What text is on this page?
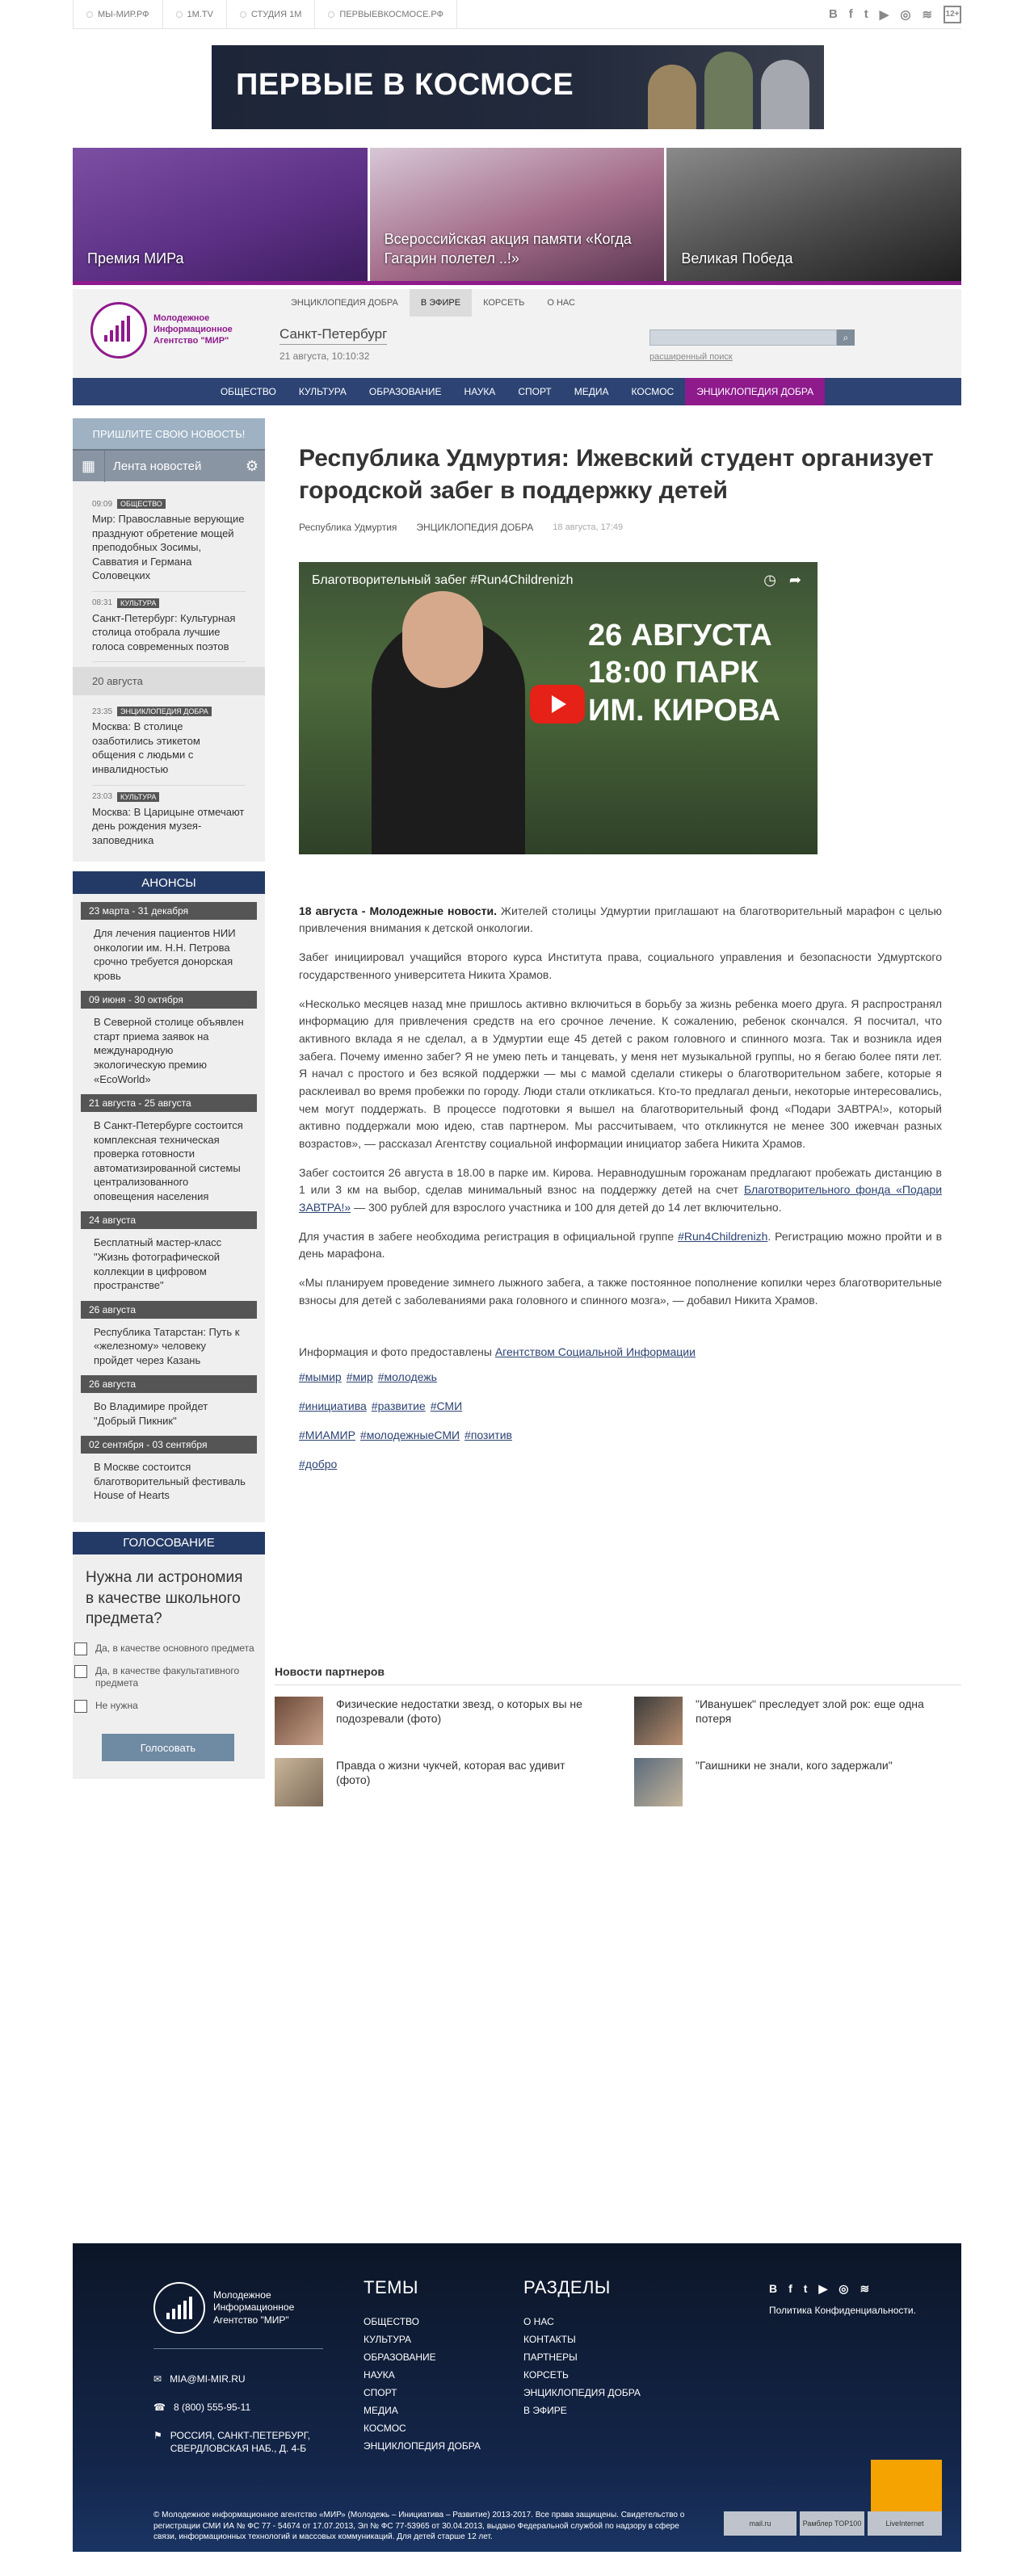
МЫ-МИР.РФ	1M.TV	СТУДИЯ 1М	ПЕРВЫЕВКОСМОСЕ.РФ	B f t ▶ ◎ ≋ 12+
ПЕРВЫЕ В КОСМОСЕ
Премия МИРа
Всероссийская акция памяти «Когда Гагарин полетел ..!»	Великая Победа
Молодежное Информационное Агентство "МИР"
ЭНЦИКЛОПЕДИЯ ДОБРА	В ЭФИРЕ	КОРСЕТЬ	О НАС
Санкт-Петербург
21 августа, 10:10:32
⌕
расширенный поиск
ОБЩЕСТВО	КУЛЬТУРА	ОБРАЗОВАНИЕ	НАУКА	СПОРТ	МЕДИА	КОСМОС	ЭНЦИКЛОПЕДИЯ ДОБРА
ПРИШЛИТЕ СВОЮ НОВОСТЬ!
▦	Лента новостей	⚙
09:09	ОБЩЕСТВО
Мир: Православные верующие празднуют обретение мощей преподобных Зосимы, Савватия и Германа Соловецких
08:31	КУЛЬТУРА
Санкт-Петербург: Культурная столица отобрала лучшие голоса современных поэтов
20 августа
23:35	ЭНЦИКЛОПЕДИЯ ДОБРА
Москва: В столице озаботились этикетом общения с людьми с инвалидностью
23:03	КУЛЬТУРА
Москва: В Царицыне отмечают день рождения музея-заповедника
АНОНСЫ
23 марта - 31 декабря
Для лечения пациентов НИИ онкологии им. Н.Н. Петрова срочно требуется донорская кровь
09 июня - 30 октября
В Северной столице объявлен старт приема заявок на международную экологическую премию «EcoWorld»
21 августа - 25 августа
В Санкт-Петербурге состоится комплексная техническая проверка готовности автоматизированной системы централизованного оповещения населения
24 августа
Бесплатный мастер-класс "Жизнь фотографической коллекции в цифровом пространстве"
26 августа
Республика Татарстан: Путь к «железному» человеку пройдет через Казань
26 августа
Во Владимире пройдет "Добрый Пикник"
02 сентября - 03 сентября
В Москве состоится благотворительный фестиваль House of Hearts
ГОЛОСОВАНИЕ
Нужна ли астрономия в качестве школьного предмета?
Да, в качестве основного предмета
Да, в качестве факультативного предмета
Не нужна
Голосовать
Республика Удмуртия: Ижевский студент организует городской забег в поддержку детей
Республика Удмуртия ЭНЦИКЛОПЕДИЯ ДОБРА 18 августа, 17:49
Благотворительный забег #Run4Childrenizh	◷ ➦
26 АВГУСТА 18:00 ПАРК ИМ. КИРОВА

18 августа - Молодежные новости. Жителей столицы Удмуртии приглашают на благотворительный марафон с целью привлечения внимания к детской онкологии.

Забег инициировал учащийся второго курса Института права, социального управления и безопасности Удмуртского государственного университета Никита Храмов.

«Несколько месяцев назад мне пришлось активно включиться в борьбу за жизнь ребенка моего друга. Я распространял информацию для привлечения средств на его срочное лечение. К сожалению, ребенок скончался. Я посчитал, что активного вклада я не сделал, а в Удмуртии еще 45 детей с раком головного и спинного мозга. Так и возникла идея забега. Почему именно забег? Я не умею петь и танцевать, у меня нет музыкальной группы, но я бегаю более пяти лет. Я начал с простого и без всякой поддержки — мы с мамой сделали стикеры о благотворительном забеге, которые я расклеивал во время пробежки по городу. Люди стали откликаться. Кто-то предлагал деньги, некоторые интересовались, чем могут поддержать. В процессе подготовки я вышел на благотворительный фонд «Подари ЗАВТРА!», который активно поддержали мою идею, став партнером. Мы рассчитываем, что откликнутся не менее 300 ижевчан разных возрастов», — рассказал Агентству социальной информации инициатор забега Никита Храмов.

Забег состоится 26 августа в 18.00 в парке им. Кирова. Неравнодушным горожанам предлагают пробежать дистанцию в 1 или 3 км на выбор, сделав минимальный взнос на поддержку детей на счет Благотворительного фонда «Подари ЗАВТРА!» — 300 рублей для взрослого участника и 100 для детей до 14 лет включительно.

Для участия в забеге необходима регистрация в официальной группе #Run4Childrenizh. Регистрацию можно пройти и в день марафона.

«Мы планируем проведение зимнего лыжного забега, а также постоянное пополнение копилки через благотворительные взносы для детей с заболеваниями рака головного и спинного мозга», — добавил Никита Храмов.

Информация и фото предоставлены Агентством Социальной Информации
#мымир #мир #молодежь
#инициатива #развитие #СМИ
#МИАМИР #молодежныеСМИ #позитив
#добро
Новости партнеров
Физические недостатки звезд, о которых вы не подозревали (фото)
"Иванушек" преследует злой рок: еще одна потеря
Правда о жизни чукчей, которая вас удивит (фото)
"Гаишники не знали, кого задержали"
Молодежное Информационное Агентство "МИР"
✉ MIA@MI-MIR.RU
☎ 8 (800) 555-95-11
⚑ РОССИЯ, САНКТ-ПЕТЕРБУРГ, СВЕРДЛОВСКАЯ НАБ., Д. 4-Б
ТЕМЫ
ОБЩЕСТВО
КУЛЬТУРА
ОБРАЗОВАНИЕ
НАУКА
СПОРТ
МЕДИА
КОСМОС
ЭНЦИКЛОПЕДИЯ ДОБРА
РАЗДЕЛЫ
О НАС
КОНТАКТЫ
ПАРТНЕРЫ
КОРСЕТЬ
ЭНЦИКЛОПЕДИЯ ДОБРА
В ЭФИРЕ
B f t ▶ ◎ ≋
Политика Конфиденциальности.
mail.ru	Рамблер TOP100	LiveInternet
© Молодежное информационное агентство «МИР» (Молодежь – Инициатива – Развитие) 2013-2017. Все права защищены. Свидетельство о регистрации СМИ ИА № ФС 77 - 54674 от 17.07.2013, Эл № ФС 77-53965 от 30.04.2013, выдано Федеральной службой по надзору в сфере связи, информационных технологий и массовых коммуникаций. Для детей старше 12 лет.
